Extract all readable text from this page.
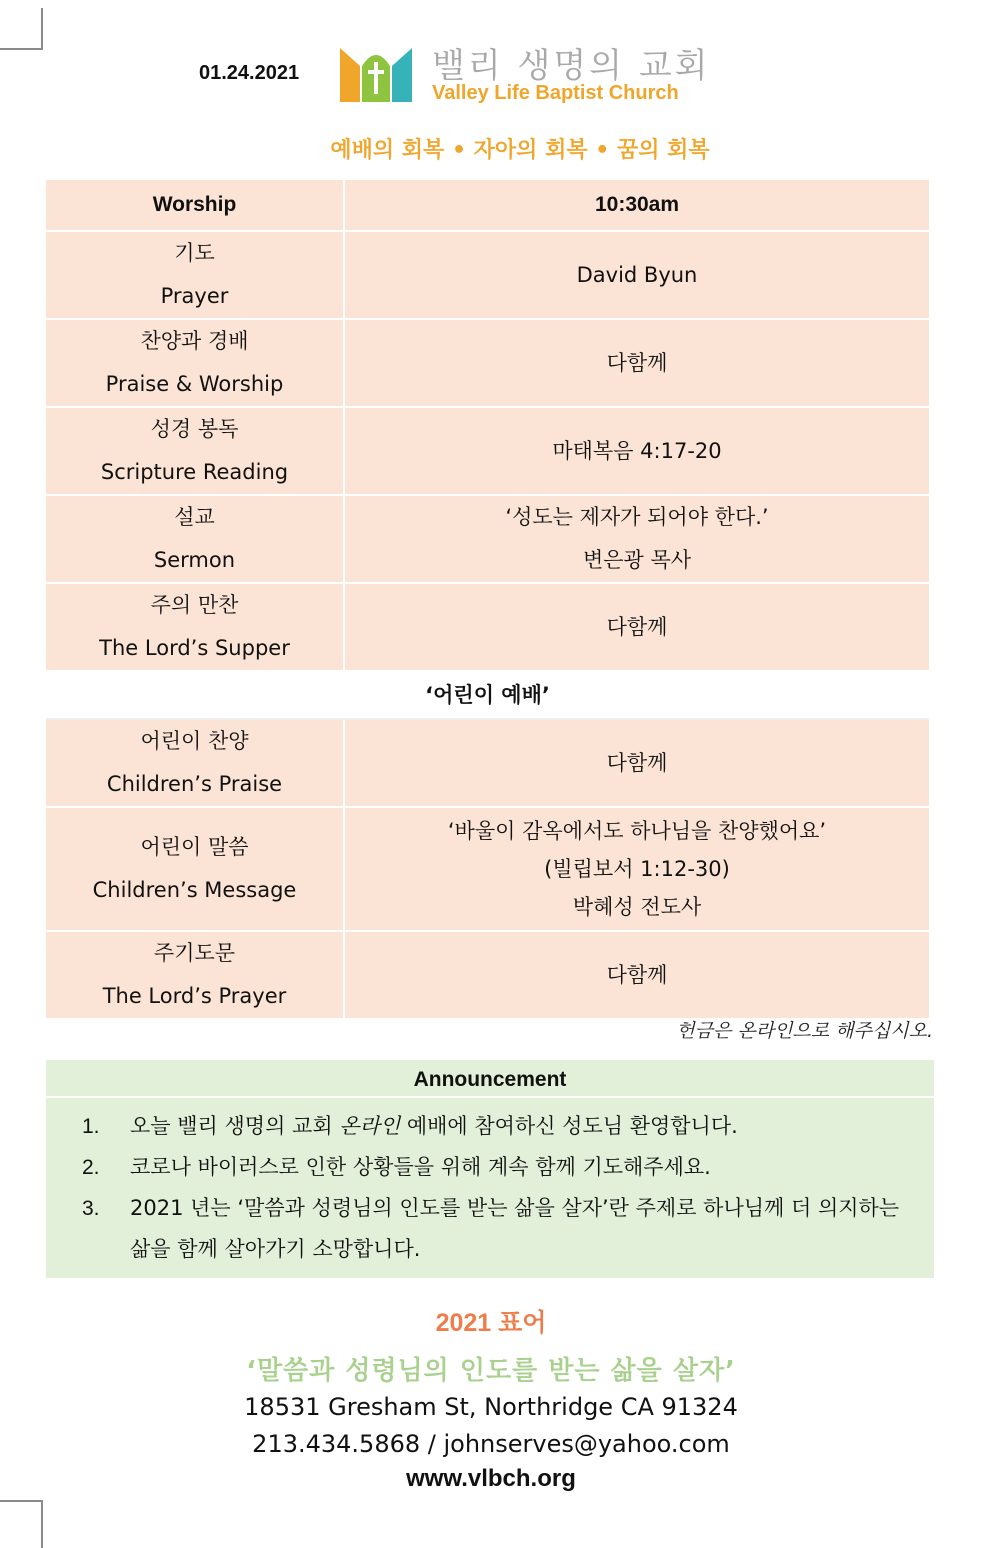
01.24.2021	밸리 생명의 교회
Valley Life Baptist Church
예배의 회복 • 자아의 회복 • 꿈의 회복
Worship	10:30am

기도
Prayer	David Byun

찬양과 경배
Praise & Worship	다함께

성경 봉독
Scripture Reading	마태복음 4:17-20

설교
Sermon	‘성도는 제자가 되어야 한다.’
변은광 목사

주의 만찬
The Lord’s Supper	다함께

‘어린이 예배’	

어린이 찬양
Children’s Praise	다함께

어린이 말씀
Children’s Message	‘바울이 감옥에서도 하나님을 찬양했어요’
(빌립보서 1:12-30)
박혜성 전도사

주기도문
The Lord’s Prayer	다함께
헌금은 온라인으로 해주십시오.
Announcement
1. 오늘 밸리 생명의 교회 온라인 예배에 참여하신 성도님 환영합니다.
2. 코로나 바이러스로 인한 상황들을 위해 계속 함께 기도해주세요.
3. 2021 년는 ‘말씀과 성령님의 인도를 받는 삶을 살자’란 주제로 하나님께 더 의지하는 삶을 함께 살아가기 소망합니다.
2021 표어
‘말씀과 성령님의 인도를 받는 삶을 살자’
18531 Gresham St, Northridge CA 91324
213.434.5868 / johnserves@yahoo.com
www.vlbch.org
